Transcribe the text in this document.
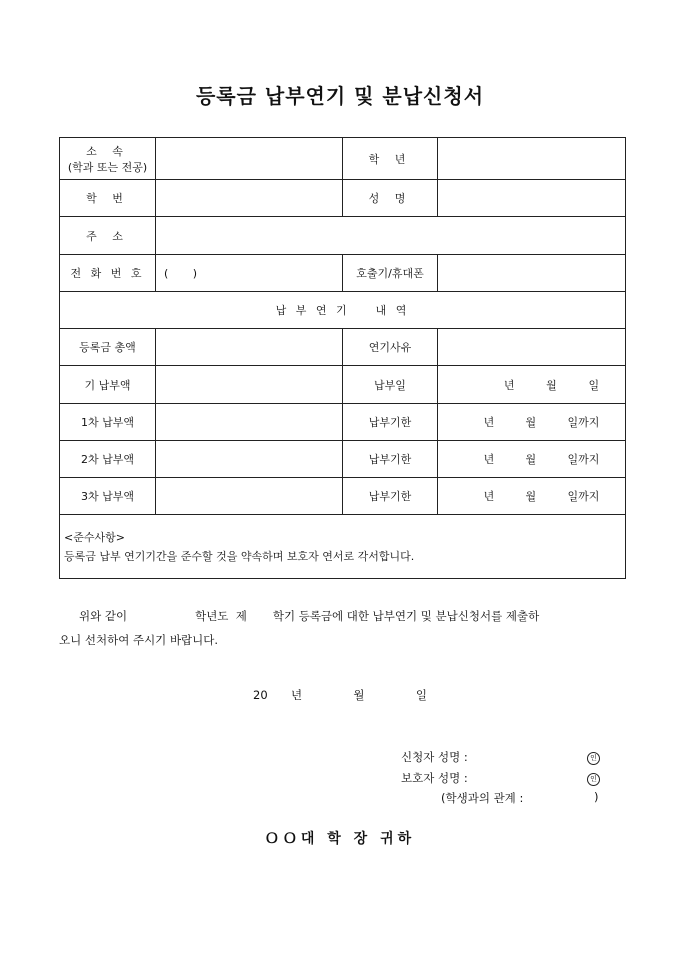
등록금 납부연기 및 분납신청서
소 속
(학과 또는 전공)		학 년	
학 번		성 명	
주 소			
전 화 번 호	(       )	호출기/휴대폰	
납 부 연 기    내 역			
등록금 총액		연기사유	
기 납부액		납부일	년 월 일

1차 납부액		납부기한	년 월 일까지

2차 납부액		납부기한	년 월 일까지

3차 납부액		납부기한	년 월 일까지

<준수사항>
등록금 납부 연기기간을 준수할 것을 약속하며 보호자 연서로 각서합니다.			
위와 같이	학년도  제 학기 등록금에 대한 납부연기 및 분납신청서를 제출하
오니 선처하여 주시기 바랍니다.
20 년	월	일
신청자 성명 :	인
보호자 성명 :	인
(학생과의 관계 :	)
ＯＯ대 학 장 귀하
